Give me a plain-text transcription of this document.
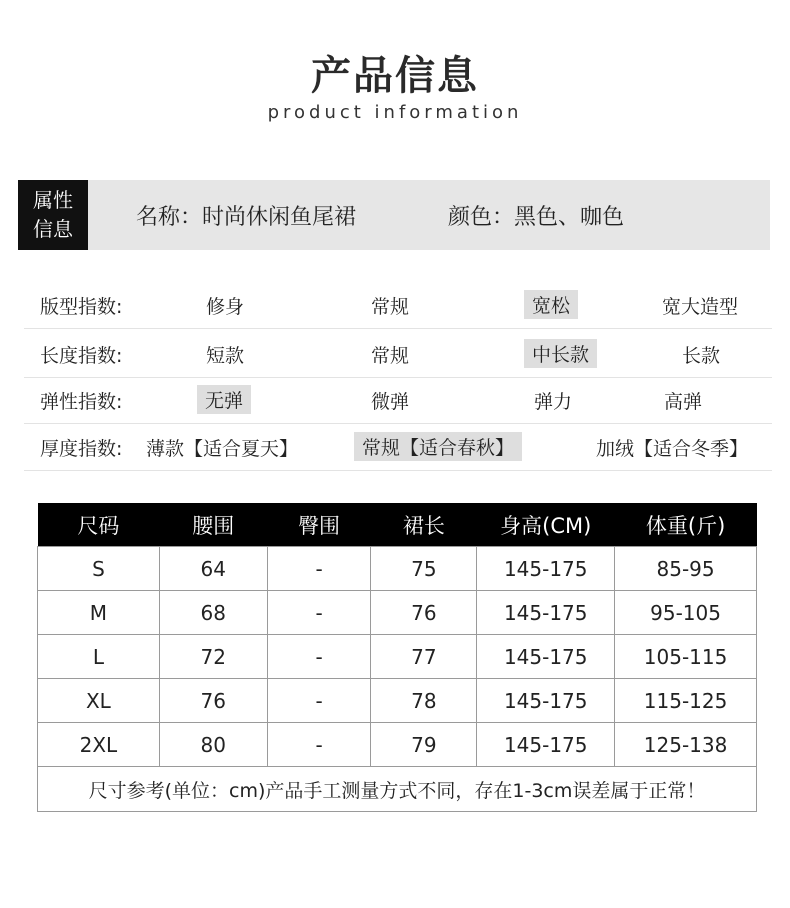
产品信息
product information
属性
信息	名称：时尚休闲鱼尾裙	颜色：黑色、咖色
版型指数:	修身	常规	宽松	宽大造型
长度指数:	短款	常规	中长款	长款
弹性指数:	无弹	微弹	弹力	高弹
厚度指数: 薄款【适合夏天】	常规【适合春秋】	加绒【适合冬季】
尺码	腰围	臀围	裙长	身高(CM)	体重(斤)
S	64	-	75	145-175	85-95
M	68	-	76	145-175	95-105
L	72	-	77	145-175	105-115
XL	76	-	78	145-175	115-125
2XL	80	-	79	145-175	125-138
尺寸参考(单位：cm)产品手工测量方式不同，存在1-3cm误差属于正常！					
